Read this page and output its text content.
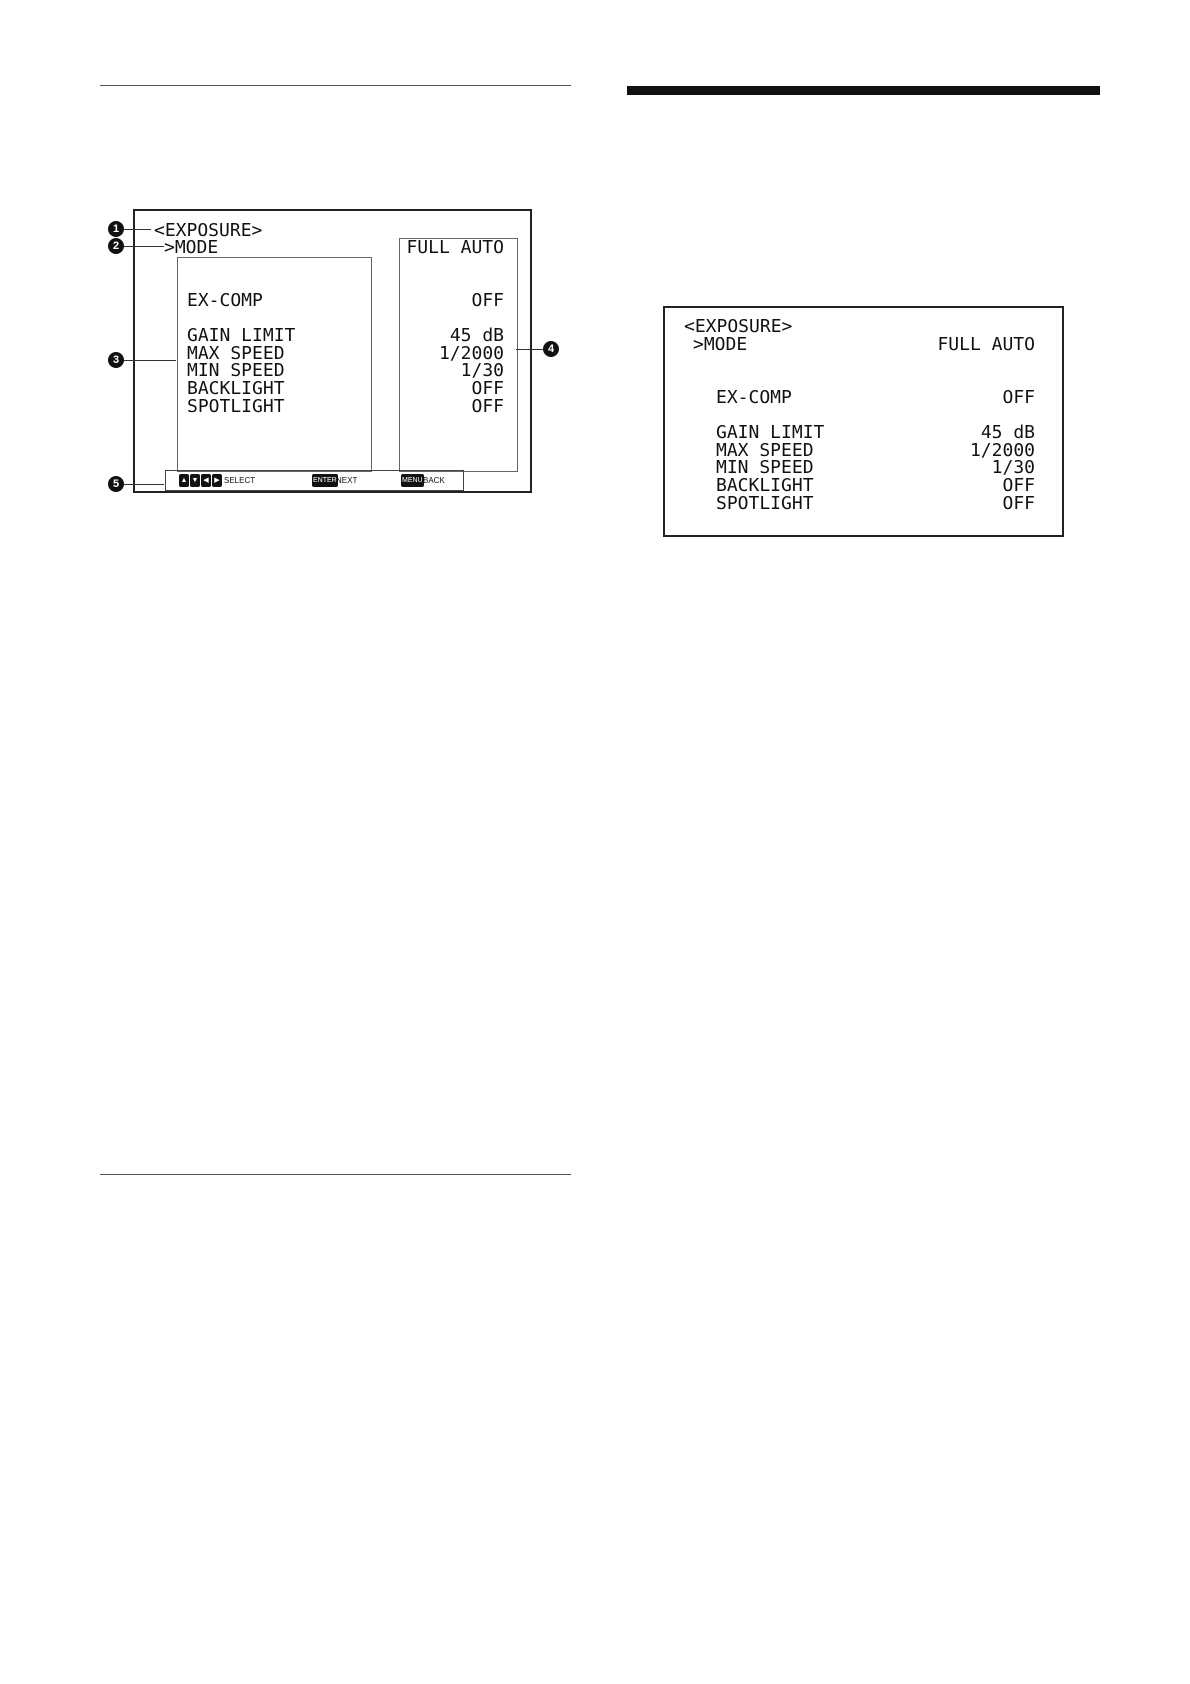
<EXPOSURE>
>MODE	FULL AUTO
EX-COMP	OFF
GAIN LIMIT	45 dB
MAX SPEED	1/2000
MIN SPEED	1/30
BACKLIGHT	OFF
SPOTLIGHT	OFF
▲ ▼ ◀ ▶ SELECT	ENTER NEXT	MENU BACK
1
2
3
4
5
<EXPOSURE>
>MODE	FULL AUTO
EX-COMP	OFF
GAIN LIMIT	45 dB
MAX SPEED	1/2000
MIN SPEED	1/30
BACKLIGHT	OFF
SPOTLIGHT	OFF
